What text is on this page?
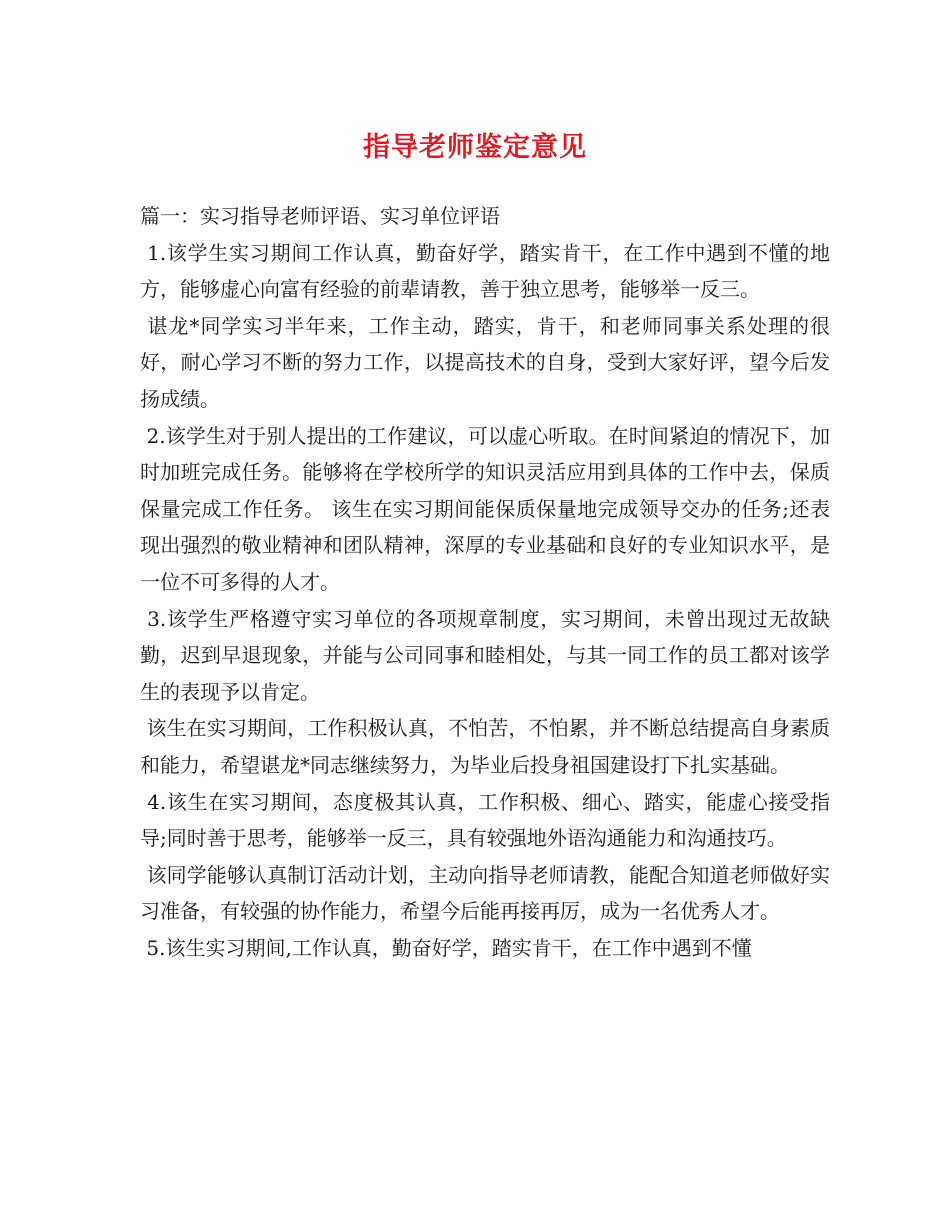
指导老师鉴定意见

篇一：实习指导老师评语、实习单位评语

1.该学生实习期间工作认真，勤奋好学，踏实肯干，在工作中遇到不懂的地方，能够虚心向富有经验的前辈请教，善于独立思考，能够举一反三。

谌龙*同学实习半年来，工作主动，踏实，肯干，和老师同事关系处理的很好，耐心学习不断的努力工作，以提高技术的自身，受到大家好评，望今后发扬成绩。

2.该学生对于别人提出的工作建议，可以虚心听取。在时间紧迫的情况下，加时加班完成任务。能够将在学校所学的知识灵活应用到具体的工作中去，保质保量完成工作任务。 该生在实习期间能保质保量地完成领导交办的任务;还表现出强烈的敬业精神和团队精神，深厚的专业基础和良好的专业知识水平，是一位不可多得的人才。

3.该学生严格遵守实习单位的各项规章制度，实习期间，未曾出现过无故缺勤，迟到早退现象，并能与公司同事和睦相处，与其一同工作的员工都对该学生的表现予以肯定。

该生在实习期间，工作积极认真，不怕苦，不怕累，并不断总结提高自身素质和能力，希望谌龙*同志继续努力，为毕业后投身祖国建设打下扎实基础。

4.该生在实习期间，态度极其认真，工作积极、细心、踏实，能虚心接受指导;同时善于思考，能够举一反三，具有较强地外语沟通能力和沟通技巧。

该同学能够认真制订活动计划，主动向指导老师请教，能配合知道老师做好实习准备，有较强的协作能力，希望今后能再接再厉，成为一名优秀人才。

5.该生实习期间,工作认真，勤奋好学，踏实肯干，在工作中遇到不懂
